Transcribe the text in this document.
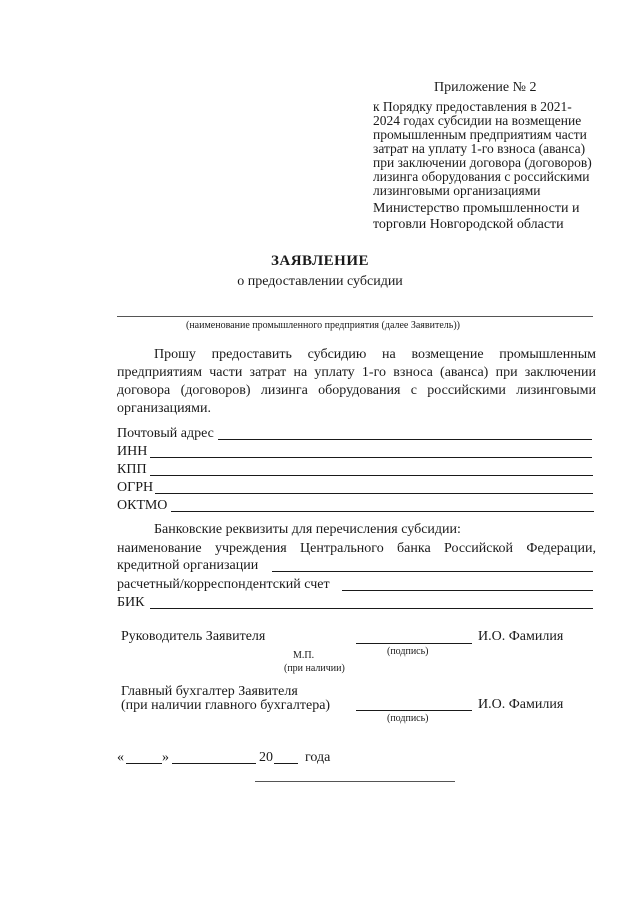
Приложение № 2
к Порядку предоставления в 2021-
2024 годах субсидии на возмещение
промышленным предприятиям части
затрат на уплату 1-го взноса (аванса)
при заключении договора (договоров)
лизинга оборудования с российскими
лизинговыми организациями
Министерство промышленности и
торговли Новгородской области
ЗАЯВЛЕНИЕ
о предоставлении субсидии
(наименование промышленного предприятия (далее Заявитель))
Прошу предоставить субсидию на возмещение промышленным
предприятиям части затрат на уплату 1-го взноса (аванса) при заключении
договора (договоров) лизинга оборудования с российскими лизинговыми
организациями.
Почтовый адрес
ИНН
КПП
ОГРН
ОКТМО
Банковские реквизиты для перечисления субсидии:
наименование учреждения Центрального банка Российской Федерации,
кредитной организации
расчетный/корреспондентский счет
БИК
Руководитель Заявителя	И.О. Фамилия
(подпись)
М.П.
(при наличии)
Главный бухгалтер Заявителя
(при наличии главного бухгалтера)	И.О. Фамилия
(подпись)
«	»	20 года
